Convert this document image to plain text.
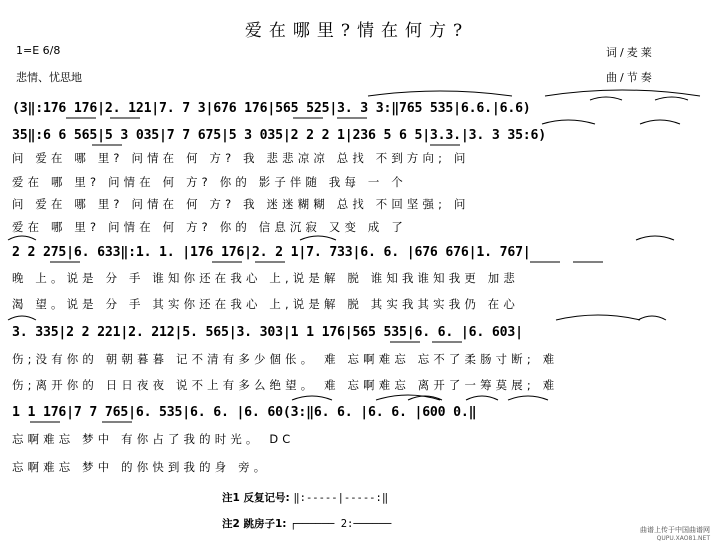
爱在哪里?情在何方?
1=E 6/8
悲情、忧思地
词/麦莱
曲/节奏
(3‖:176 176|2. 121|7. 7 3|676 176|565 525|3. 3 3:‖765 535|6.6.|6.6)
35‖:6 6 565|5 3 035|7 7 675|5 3 035|2 2 2 1|236 5 6 5|3.3.|3. 3 35:6)
问 爱在 哪 里? 问情在 何 方? 我 悲悲凉凉 总找 不到方向; 问
爱在 哪 里? 问情在 何 方? 你的 影子伴随 我每 一 个
问 爱在 哪 里? 问情在 何 方? 我 迷迷糊糊 总找 不回坚强; 问
爱在 哪 里? 问情在 何 方? 你的 信息沉寂 又变 成 了
2 2 275|6. 633‖:1. 1. |176 176|2. 2 1|7. 733|6. 6. |676 676|1. 767|
晚 上。说是 分 手 谁知你还在我心 上,说是解 脱 谁知我谁知我更 加悲
渴 望。说是 分 手 其实你还在我心 上,说是解 脱 其实我其实我仍 在心
3. 335|2 2 221|2. 212|5. 565|3. 303|1 1 176|565 535|6. 6. |6. 603|
伤;没有你的 朝朝暮暮 记不清有多少個伥。 难 忘啊难忘 忘不了柔肠寸断; 难
伤;离开你的 日日夜夜 说不上有多么绝望。 难 忘啊难忘 离开了一筹莫展; 难
1 1 176|7 7 765|6. 535|6. 6. |6. 60(3:‖6. 6. |6. 6. |600 0.‖
忘啊难忘 梦中 有你占了我的时光。 DC
忘啊难忘 梦中 的你快到我的身 旁。
注1 反复记号: ‖:-----|-----:‖
注2 跳房子1: ┌────── 2:──────	曲谱上传于中国曲谱网
QUPU.XAO81.NET
